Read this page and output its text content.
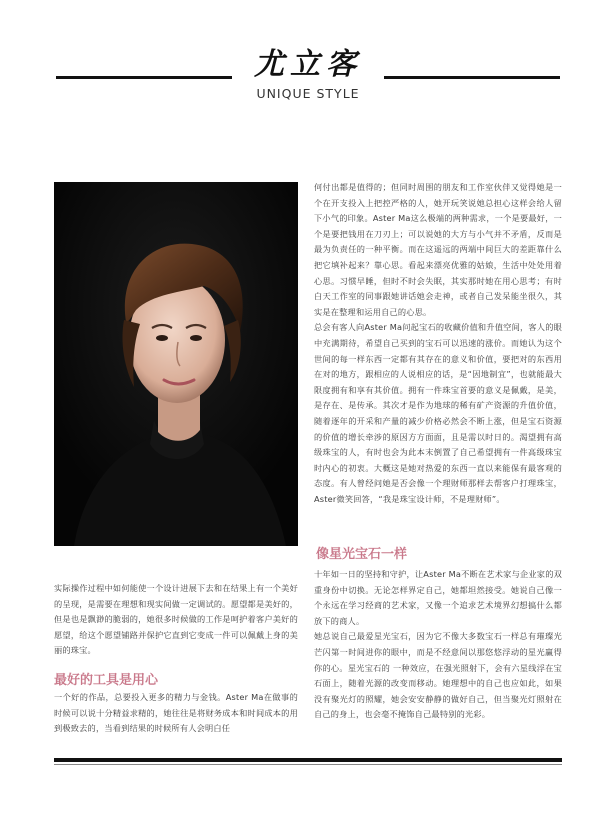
尤立客
UNIQUE STYLE

何付出都是值得的；但同时周围的朋友和工作室伙伴又觉得她是一个在开支投入上把控严格的人，她开玩笑说她总担心这样会给人留下小气的印象。Aster Ma这么极端的两种需求，一个是要最好，一个是要把钱用在刀刃上；可以说她的大方与小气并不矛盾，反而是最为负责任的一种平衡。而在这遥远的两端中间巨大的差距靠什么把它填补起来？靠心思。看起来漂亮优雅的姑娘，生活中处处用着心思。习惯早睡，但时不时会失眠，其实那时她在用心思考；有时白天工作室的同事跟她讲话她会走神，或者自己发呆能坐很久，其实是在整理和运用自己的心思。

总会有客人向Aster Ma问起宝石的收藏价值和升值空间，客人的眼中充满期待，希望自己买到的宝石可以迅速的涨价。而她认为这个世间的每一样东西一定都有其存在的意义和价值，要把对的东西用在对的地方，跟相应的人说相应的话，是“因地制宜”，也就能最大限度拥有和享有其价值。拥有一件珠宝首要的意义是佩戴，是美，是存在、是传承。其次才是作为地球的稀有矿产资源的升值价值，随着逐年的开采和产量的减少价格必然会不断上涨，但是宝石资源的价值的增长牵涉的原因方方面面，且是需以时日的。渴望拥有高级珠宝的人，有时也会为此本末倒置了自己希望拥有一件高级珠宝时内心的初衷。大概这是她对热爱的东西一直以来能保有最客观的态度。有人曾经问她是否会像一个理财师那样去帮客户打理珠宝，Aster微笑回答，“我是珠宝设计师，不是理财师”。

像星光宝石一样

十年如一日的坚持和守护，让Aster Ma不断在艺术家与企业家的双重身份中切换。无论怎样界定自己，她都坦然接受。她说自己像一个永远在学习经商的艺术家，又像一个追求艺术境界幻想搞什么都放下的商人。

她总说自己最爱星光宝石，因为它不像大多数宝石一样总有璀璨光芒闪第一时间进你的眼中，而是不经意间以那悠悠浮动的星光赢得你的心。星光宝石的 一种效应，在强光照射下，会有六星线浮在宝石面上，随着光源的改变而移动。她理想中的自己也应如此，如果没有聚光灯的照耀，她会安安静静的做好自己，但当聚光灯照射在自己的身上，也会毫不掩饰自己最特别的光彩。

实际操作过程中如何能使一个设计进展下去和在结果上有一个美好的呈现，是需要在理想和现实间做一定调试的。愿望都是美好的，但是也是飘渺的脆弱的，她很多时候做的工作是呵护着客户美好的愿望，给这个愿望铺路并保护它直到它变成一件可以佩戴上身的美丽的珠宝。

最好的工具是用心

一个好的作品，总要投入更多的精力与金钱。Aster Ma在做事的时候可以说十分精益求精的，她往往是将财务成本和时间成本的用到极致去的，当看到结果的时候所有人会明白任
